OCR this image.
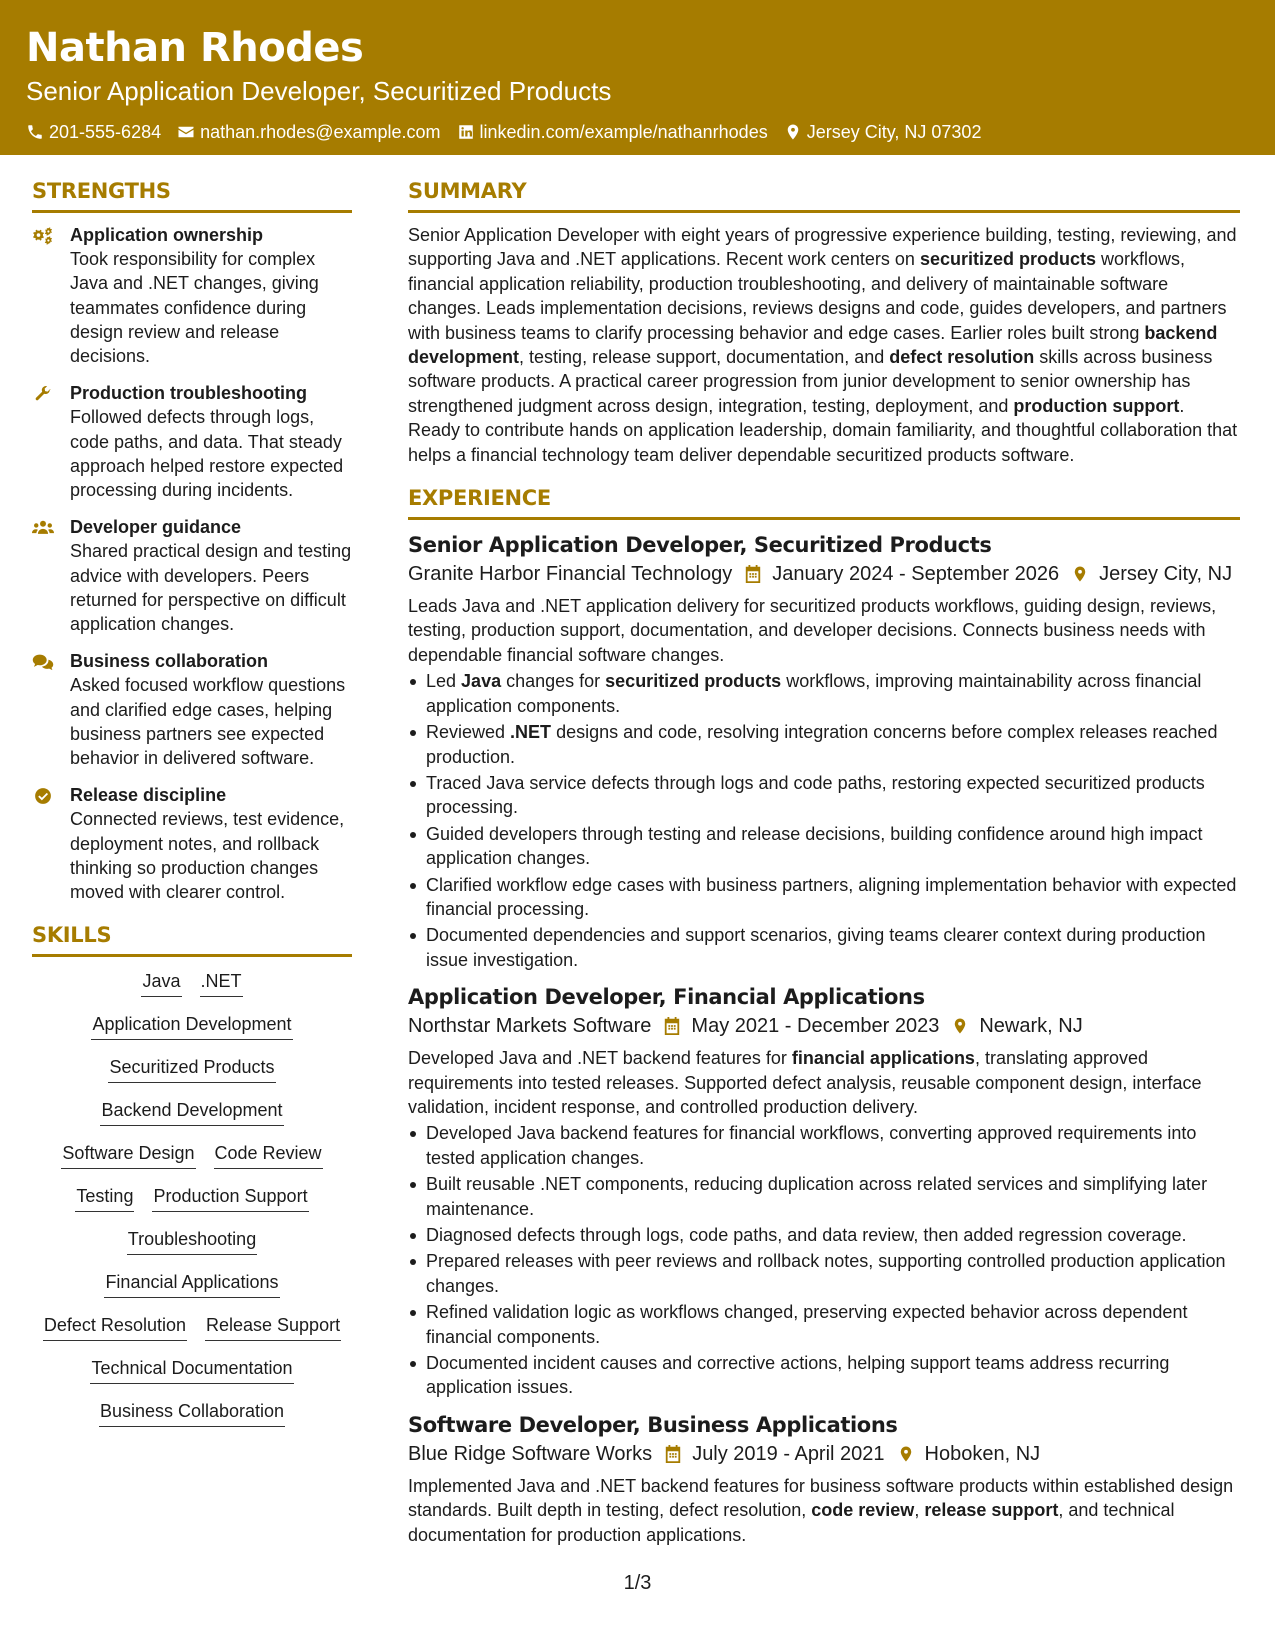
Nathan Rhodes
Senior Application Developer, Securitized Products
201-555-6284 nathan.rhodes@example.com linkedin.com/example/nathanrhodes Jersey City, NJ 07302
STRENGTHS
Application ownership
Took responsibility for complex Java and .NET changes, giving teammates confidence during design review and release decisions.
Production troubleshooting
Followed defects through logs, code paths, and data. That steady approach helped restore expected processing during incidents.
Developer guidance
Shared practical design and testing advice with developers. Peers returned for perspective on difficult application changes.
Business collaboration
Asked focused workflow questions and clarified edge cases, helping business partners see expected behavior in delivered software.
Release discipline
Connected reviews, test evidence, deployment notes, and rollback thinking so production changes moved with clearer control.
SKILLS
Java .NET
Application Development
Securitized Products
Backend Development
Software Design Code Review
Testing Production Support
Troubleshooting
Financial Applications
Defect Resolution Release Support
Technical Documentation
Business Collaboration
SUMMARY
Senior Application Developer with eight years of progressive experience building, testing, reviewing, and supporting Java and .NET applications. Recent work centers on securitized products workflows, financial application reliability, production troubleshooting, and delivery of maintainable software changes. Leads implementation decisions, reviews designs and code, guides developers, and partners with business teams to clarify processing behavior and edge cases. Earlier roles built strong backend development, testing, release support, documentation, and defect resolution skills across business software products. A practical career progression from junior development to senior ownership has strengthened judgment across design, integration, testing, deployment, and production support. Ready to contribute hands on application leadership, domain familiarity, and thoughtful collaboration that helps a financial technology team deliver dependable securitized products software.
EXPERIENCE
Senior Application Developer, Securitized Products
Granite Harbor Financial Technology January 2024 - September 2026 Jersey City, NJ
Leads Java and .NET application delivery for securitized products workflows, guiding design, reviews, testing, production support, documentation, and developer decisions. Connects business needs with dependable financial software changes.
Led Java changes for securitized products workflows, improving maintainability across financial application components.
Reviewed .NET designs and code, resolving integration concerns before complex releases reached production.
Traced Java service defects through logs and code paths, restoring expected securitized products processing.
Guided developers through testing and release decisions, building confidence around high impact application changes.
Clarified workflow edge cases with business partners, aligning implementation behavior with expected financial processing.
Documented dependencies and support scenarios, giving teams clearer context during production issue investigation.
Application Developer, Financial Applications
Northstar Markets Software May 2021 - December 2023 Newark, NJ
Developed Java and .NET backend features for financial applications, translating approved requirements into tested releases. Supported defect analysis, reusable component design, interface validation, incident response, and controlled production delivery.
Developed Java backend features for financial workflows, converting approved requirements into tested application changes.
Built reusable .NET components, reducing duplication across related services and simplifying later maintenance.
Diagnosed defects through logs, code paths, and data review, then added regression coverage.
Prepared releases with peer reviews and rollback notes, supporting controlled production application changes.
Refined validation logic as workflows changed, preserving expected behavior across dependent financial components.
Documented incident causes and corrective actions, helping support teams address recurring application issues.
Software Developer, Business Applications
Blue Ridge Software Works July 2019 - April 2021 Hoboken, NJ
Implemented Java and .NET backend features for business software products within established design standards. Built depth in testing, defect resolution, code review, release support, and technical documentation for production applications.
1/3
